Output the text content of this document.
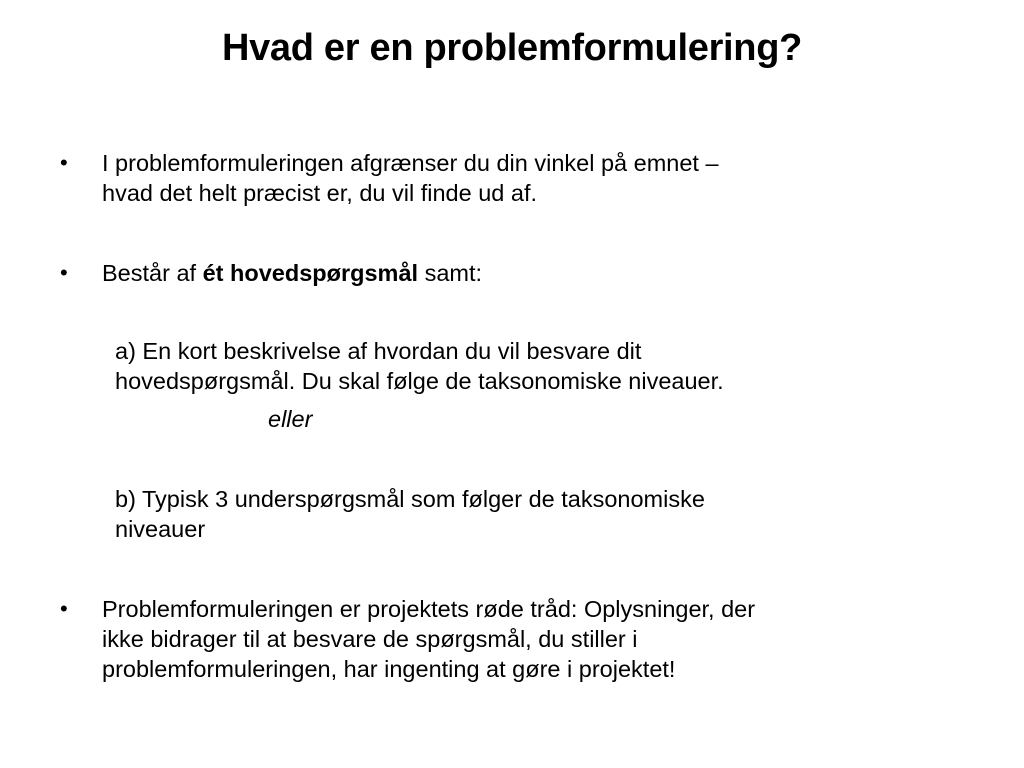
Hvad er en problemformulering?
•	I problemformuleringen afgrænser du din vinkel på emnet –
hvad det helt præcist er, du vil finde ud af.
•	Består af ét hovedspørgsmål samt:
a) En kort beskrivelse af hvordan du vil besvare dit
hovedspørgsmål. Du skal følge de taksonomiske niveauer.
eller
b) Typisk 3 underspørgsmål som følger de taksonomiske
niveauer
•	Problemformuleringen er projektets røde tråd: Oplysninger, der
ikke bidrager til at besvare de spørgsmål, du stiller i
problemformuleringen, har ingenting at gøre i projektet!
